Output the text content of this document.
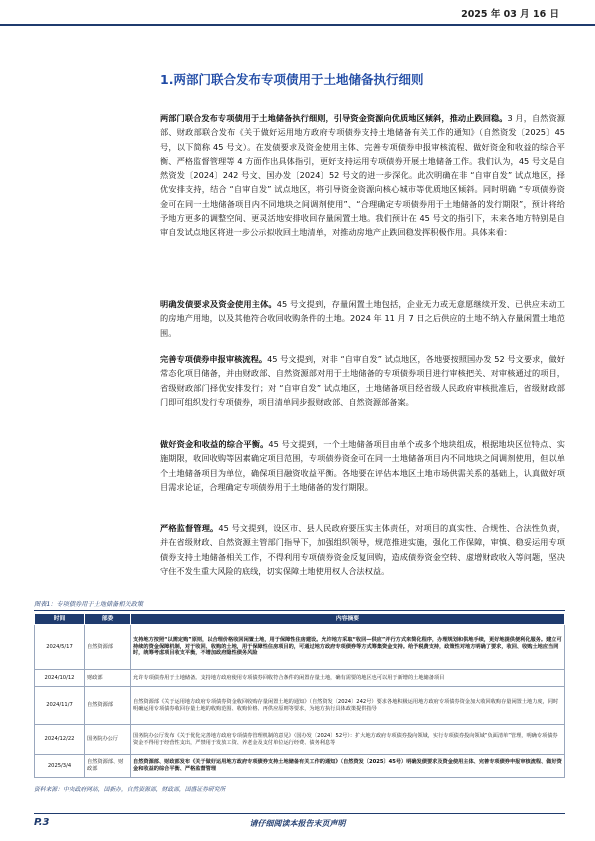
2025 年 03 月 16 日
1.两部门联合发布专项债用于土地储备执行细则

两部门联合发布专项债用于土地储备执行细则，引导资金资源向优质地区倾斜，推动止跌回稳。3 月，自然资源部、财政部联合发布《关于做好运用地方政府专项债券支持土地储备有关工作的通知》（自然资发〔2025〕45 号，以下简称 45 号文）。在发债要求及资金使用主体、完善专项债券申报审核流程、做好资金和收益的综合平衡、严格监督管理等 4 方面作出具体指引，更好支持运用专项债券开展土地储备工作。我们认为，45 号文是自然资发〔2024〕242 号文、国办发〔2024〕52 号文的进一步深化。此次明确在非 “自审自发” 试点地区，择优安排支持，结合 “自审自发” 试点地区，将引导资金资源向核心城市等优质地区倾斜。同时明确 “专项债券资金可在同一土地储备项目内不同地块之间调剂使用”、“合理确定专项债券用于土地储备的发行期限”，预计将给予地方更多的调整空间、更灵活地安排收回存量闲置土地。我们预计在 45 号文的指引下，未来各地方特别是自审自发试点地区将进一步公示拟收回土地清单，对推动房地产止跌回稳发挥积极作用。具体来看：

明确发债要求及资金使用主体。45 号文提到，存量闲置土地包括，企业无力或无意愿继续开发、已供应未动工的房地产用地，以及其他符合收回收购条件的土地。2024 年 11 月 7 日之后供应的土地不纳入存量闲置土地范围。

完善专项债券申报审核流程。45 号文提到，对非 “自审自发” 试点地区，各地要按照国办发 52 号文要求，做好常态化项目储备，并由财政部、自然资源部对用于土地储备的专项债券项目进行审核把关、对审核通过的项目，省级财政部门择优安排发行；对 “自审自发” 试点地区，土地储备项目经省级人民政府审核批准后，省级财政部门即可组织发行专项债券，项目清单同步报财政部、自然资源部备案。

做好资金和收益的综合平衡。45 号文提到，一个土地储备项目由单个或多个地块组成，根据地块区位特点、实施期限，收回收购等因素确定项目范围，专项债券资金可在同一土地储备项目内不同地块之间调剂使用，但以单个土地储备项目为单位，确保项目融资收益平衡。各地要在评估本地区土地市场供需关系的基础上，认真做好项目需求论证，合理确定专项债券用于土地储备的发行期限。

严格监督管理。45 号文提到，设区市、县人民政府要压实主体责任，对项目的真实性、合规性、合法性负责，并在省级财政、自然资源主管部门指导下，加强组织领导，规范推进实施，强化工作保障，审慎、稳妥运用专项债券支持土地储备相关工作，不得利用专项债券资金反复回购，造成债券资金空转、虚增财政收入等问题，坚决守住不发生重大风险的底线，切实保障土地使用权人合法权益。

图表1：专项债券用于土地储备相关政策
时间	部委	内容摘要
2024/5/17	自然资源部	支持地方按照“以需定购”原则，以合理价格收回闲置土地，用于保障性住房建设。允许地方采取“收回—供应”并行方式来简化程序，办理规划和供地手续，更好地提供便利化服务。建立可持续的资金保障机制，对于收回、收购的土地，用于保障性住房项目的，可通过地方政府专项债券等方式筹集资金支持。给予税费支持，政策性对地方明确了要求，收回、收购土地应当同时，统筹考虑项目收支平衡，不增加政府隐性债务风险
2024/10/12	财政部	允许专项债券用于土地储备。支持地方政府使用专项债券回收符合条件的闲置存量土地，确有需要的地区也可以用于新增的土地储备项目
2024/11/7	自然资源部	自然资源部《关于运用地方政府专项债券资金收回收购存量闲置土地的通知》（自然资发〔2024〕242号）要求各地积极运用地方政府专项债券资金加大收回收购存量闲置土地力度，同时明确运用专项债券收回存量土地的收购范围、收购价格、再供应原则等要求，为地方执行具体政策提供指导
2024/12/22	国务院办公厅	国务院办公厅发布《关于优化完善地方政府专项债券管理机制的意见》（国办发〔2024〕52号）：扩大地方政府专项债券投向领域，实行专项债券投向领域“负面清单”管理，明确专项债券资金不得用于经营性支出，严禁用于发放工资、养老金及支付单位运行经费、债务利息等
2025/3/4	自然资源部、财政部	自然资源部、财政部发布《关于做好运用地方政府专项债券支持土地储备有关工作的通知》（自然资发〔2025〕45号）明确发债要求及资金使用主体、完善专项债券申报审核流程、做好资金和收益的综合平衡、严格监督管理
资料来源：中央政府网站，国新办，自然资源部，财政部，国盛证券研究所
P.3	请仔细阅读本报告末页声明
